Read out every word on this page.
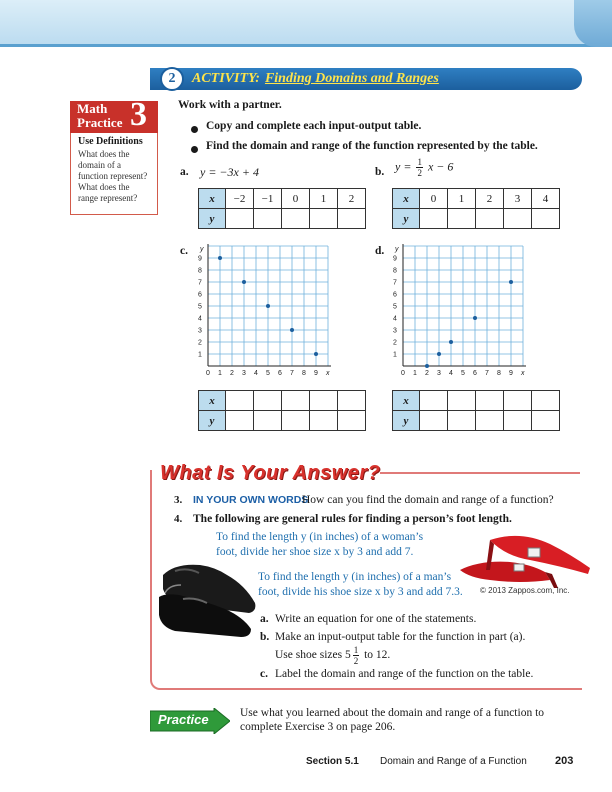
2	ACTIVITY: Finding Domains and Ranges
Math
Practice 3
Use Definitions
What does the
domain of a
function represent?
What does the
range represent?
Work with a partner.
Copy and complete each input-output table.
Find the domain and range of the function represented by the table.
a. y = −3x + 4
x	−2	−1	0	1	2
y					
b. $y = \frac{1}{2}$ x − 6
x	0	1	2	3	4
y					
c.
0 1 2 3 4 5 6 7 8 9
1
2
3
4
5
6
7
8
9
x
y
x					
y					
d.
0 1 2 3 4 5 6 7 8 9
1
2
3
4
5
6
7
8
9
x
y
x					
y					
What Is Your Answer?
3. IN YOUR OWN WORDS
How can you find the domain and range of a function?
4. The following are general rules for finding a person’s foot length.
To find the length y (in inches) of a woman’s foot, divide her shoe size x by 3 and add 7.
To find the length y (in inches) of a man’s foot, divide his shoe size x by 3 and add 7.3.	© 2013 Zappos.com, Inc.
a. Write an equation for one of the statements.
b. Make an input-output table for the function in part (a).
Use shoe sizes $5 \frac{1}{2}$ to 12.
c. Label the domain and range of the function on the table.
Practice	Use what you learned about the domain and range of a function to complete Exercise 3 on page 206.
Section 5.1 Domain and Range of a Function	203
